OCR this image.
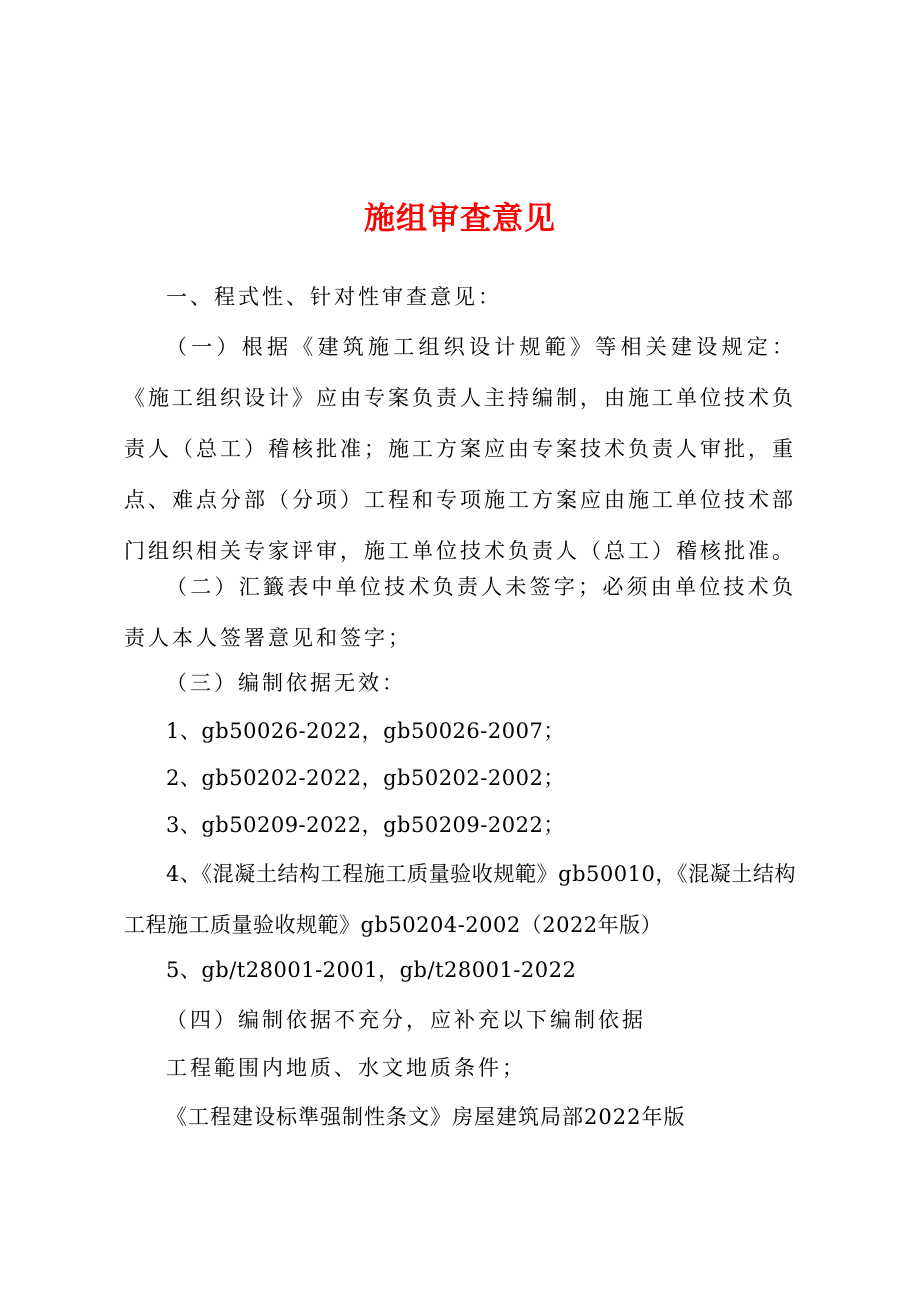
施组审查意见

一、程式性、针对性审查意见：

（一）根据《建筑施工组织设计规範》等相关建设规定：《施工组织设计》应由专案负责人主持编制，由施工单位技术负责人（总工）稽核批准；施工方案应由专案技术负责人审批，重点、难点分部（分项）工程和专项施工方案应由施工单位技术部门组织相关专家评审，施工单位技术负责人（总工）稽核批准。

（二）汇籤表中单位技术负责人未签字；必须由单位技术负责人本人签署意见和签字；

（三）编制依据无效：

1、gb50026-2022，gb50026-2007；

2、gb50202-2022，gb50202-2002；

3、gb50209-2022，gb50209-2022；

4、《混凝土结构工程施工质量验收规範》gb50010，《混凝土结构工程施工质量验收规範》gb50204-2002（2022年版）

5、gb/t28001-2001，gb/t28001-2022

（四）编制依据不充分，应补充以下编制依据

工程範围内地质、水文地质条件；

《工程建设标準强制性条文》房屋建筑局部2022年版
